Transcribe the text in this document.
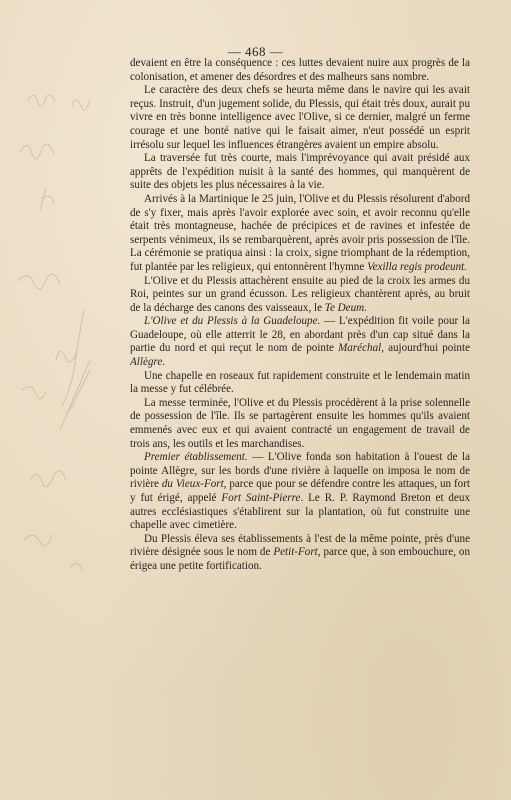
— 468 —

devaient en être la conséquence : ces luttes devaient nuire aux progrès de la colonisation, et amener des désordres et des malheurs sans nombre.

Le caractère des deux chefs se heurta même dans le navire qui les avait reçus. Instruit, d'un jugement solide, du Plessis, qui était très doux, aurait pu vivre en très bonne intelligence avec l'Olive, si ce dernier, malgré un ferme courage et une bonté native qui le faisait aimer, n'eut possédé un esprit irrésolu sur lequel les influences étrangères avaient un empire absolu.

La traversée fut très courte, mais l'imprévoyance qui avait présidé aux apprêts de l'expédition nuisit à la santé des hommes, qui manquèrent de suite des objets les plus nécessaires à la vie.

Arrivés à la Martinique le 25 juin, l'Olive et du Plessis résolurent d'abord de s'y fixer, mais après l'avoir explorée avec soin, et avoir reconnu qu'elle était très montagneuse, hachée de précipices et de ravines et infestée de serpents vénimeux, ils se rembarquèrent, après avoir pris possession de l'île. La cérémonie se pratiqua ainsi : la croix, signe triomphant de la rédemption, fut plantée par les religieux, qui entonnèrent l'hymne Vexilla regis prodeunt.

L'Olive et du Plessis attachèrent ensuite au pied de la croix les armes du Roi, peintes sur un grand écusson. Les religieux chantèrent après, au bruit de la décharge des canons des vaisseaux, le Te Deum.

L'Olive et du Plessis à la Guadeloupe. — L'expédition fit voile pour la Guadeloupe, où elle atterrit le 28, en abordant près d'un cap situé dans la partie du nord et qui reçut le nom de pointe Maréchal, aujourd'hui pointe Allègre.

Une chapelle en roseaux fut rapidement construite et le lendemain matin la messe y fut célébrée.

La messe terminée, l'Olive et du Plessis procédèrent à la prise solennelle de possession de l'île. Ils se partagèrent ensuite les hommes qu'ils avaient emmenés avec eux et qui avaient contracté un engagement de travail de trois ans, les outils et les marchandises.

Premier établissement. — L'Olive fonda son habitation à l'ouest de la pointe Allègre, sur les bords d'une rivière à laquelle on imposa le nom de rivière du Vieux-Fort, parce que pour se défendre contre les attaques, un fort y fut érigé, appelé Fort Saint-Pierre. Le R. P. Raymond Breton et deux autres ecclésiastiques s'établirent sur la plantation, où fut construite une chapelle avec cimetière.

Du Plessis éleva ses établissements à l'est de la même pointe, près d'une rivière désignée sous le nom de Petit-Fort, parce que, à son embouchure, on érigea une petite fortification.
